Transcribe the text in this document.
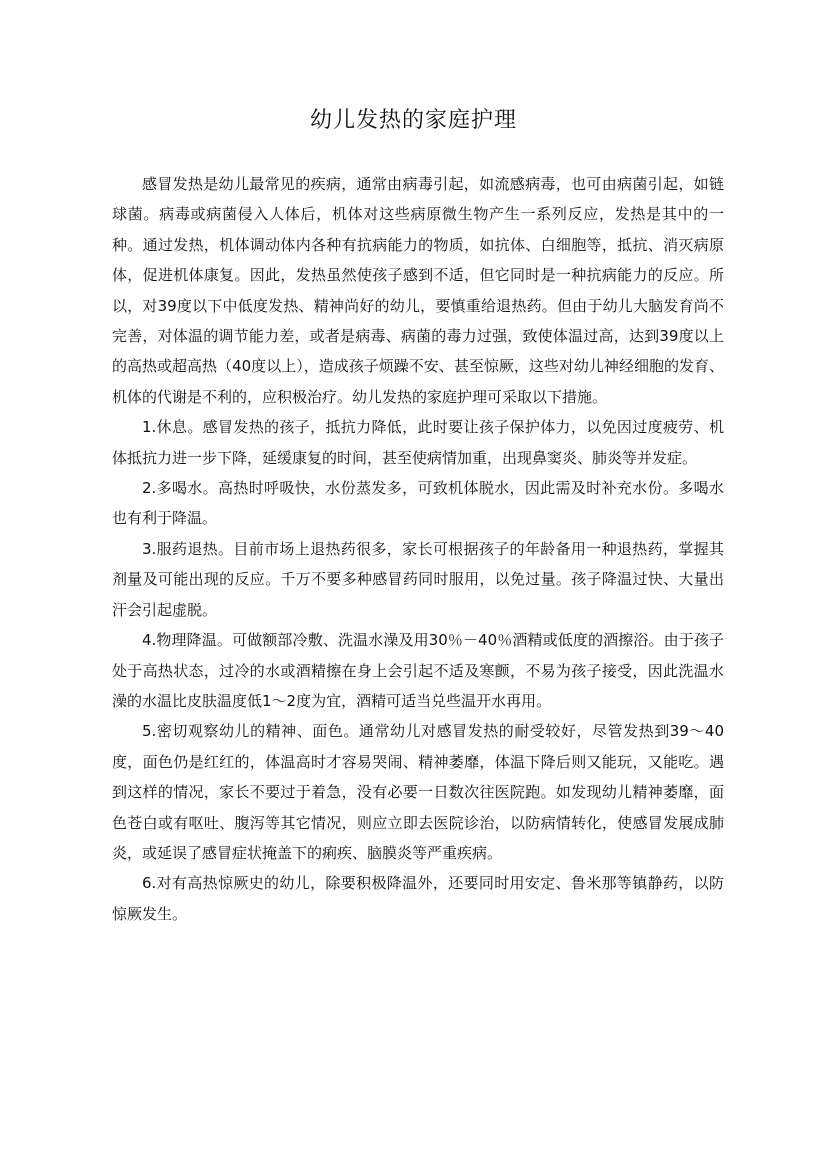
幼儿发热的家庭护理

感冒发热是幼儿最常见的疾病，通常由病毒引起，如流感病毒，也可由病菌引起，如链球菌。病毒或病菌侵入人体后，机体对这些病原微生物产生一系列反应，发热是其中的一种。通过发热，机体调动体内各种有抗病能力的物质，如抗体、白细胞等，抵抗、消灭病原体，促进机体康复。因此，发热虽然使孩子感到不适，但它同时是一种抗病能力的反应。所以，对39度以下中低度发热、精神尚好的幼儿，要慎重给退热药。但由于幼儿大脑发育尚不完善，对体温的调节能力差，或者是病毒、病菌的毒力过强，致使体温过高，达到39度以上的高热或超高热（40度以上），造成孩子烦躁不安、甚至惊厥，这些对幼儿神经细胞的发育、机体的代谢是不利的，应积极治疗。幼儿发热的家庭护理可采取以下措施。

1.休息。感冒发热的孩子，抵抗力降低，此时要让孩子保护体力，以免因过度疲劳、机体抵抗力进一步下降，延缓康复的时间，甚至使病情加重，出现鼻窦炎、肺炎等并发症。

2.多喝水。高热时呼吸快，水份蒸发多，可致机体脱水，因此需及时补充水份。多喝水也有利于降温。

3.服药退热。目前市场上退热药很多，家长可根据孩子的年龄备用一种退热药，掌握其剂量及可能出现的反应。千万不要多种感冒药同时服用，以免过量。孩子降温过快、大量出汗会引起虚脱。

4.物理降温。可做额部冷敷、洗温水澡及用30％－40％酒精或低度的酒擦浴。由于孩子处于高热状态，过冷的水或酒精擦在身上会引起不适及寒颤，不易为孩子接受，因此洗温水澡的水温比皮肤温度低1～2度为宜，酒精可适当兑些温开水再用。

5.密切观察幼儿的精神、面色。通常幼儿对感冒发热的耐受较好，尽管发热到39～40度，面色仍是红红的，体温高时才容易哭闹、精神萎靡，体温下降后则又能玩，又能吃。遇到这样的情况，家长不要过于着急，没有必要一日数次往医院跑。如发现幼儿精神萎靡，面色苍白或有呕吐、腹泻等其它情况，则应立即去医院诊治，以防病情转化，使感冒发展成肺炎，或延误了感冒症状掩盖下的痢疾、脑膜炎等严重疾病。

6.对有高热惊厥史的幼儿，除要积极降温外，还要同时用安定、鲁米那等镇静药，以防惊厥发生。
